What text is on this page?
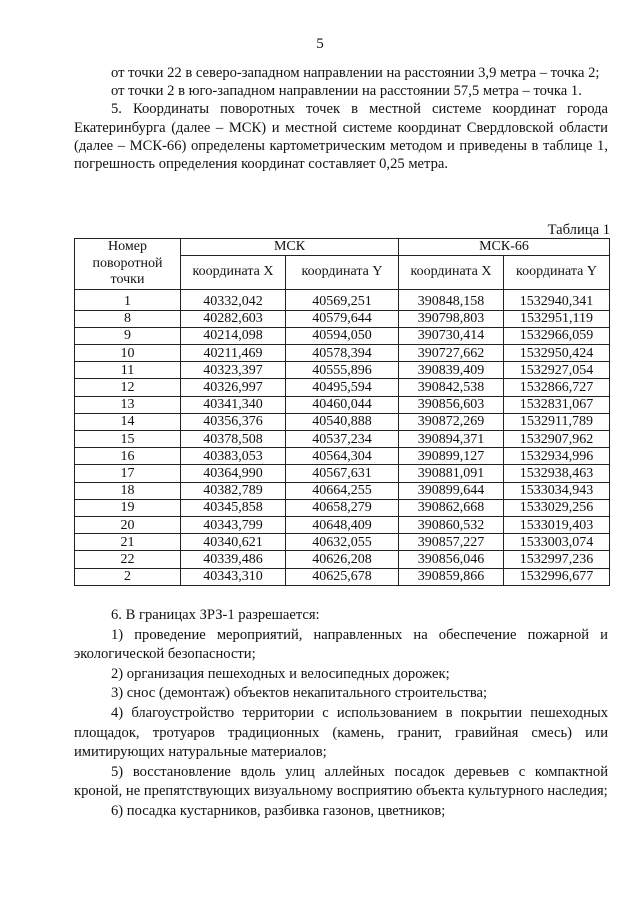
5

от точки 22 в северо-западном направлении на расстоянии 3,9 метра – точка 2;

от точки 2 в юго-западном направлении на расстоянии 57,5 метра – точка 1.

5. Координаты поворотных точек в местной системе координат города Екатеринбурга (далее – МСК) и местной системе координат Свердловской области (далее – МСК-66) определены картометрическим методом и приведены в таблице 1, погрешность определения координат составляет 0,25 метра.

Таблица 1
Номер поворотной точки	МСК		МСК-66	
	координата X	координата Y	координата X	координата Y
1	40332,042	40569,251	390848,158	1532940,341
8	40282,603	40579,644	390798,803	1532951,119
9	40214,098	40594,050	390730,414	1532966,059
10	40211,469	40578,394	390727,662	1532950,424
11	40323,397	40555,896	390839,409	1532927,054
12	40326,997	40495,594	390842,538	1532866,727
13	40341,340	40460,044	390856,603	1532831,067
14	40356,376	40540,888	390872,269	1532911,789
15	40378,508	40537,234	390894,371	1532907,962
16	40383,053	40564,304	390899,127	1532934,996
17	40364,990	40567,631	390881,091	1532938,463
18	40382,789	40664,255	390899,644	1533034,943
19	40345,858	40658,279	390862,668	1533029,256
20	40343,799	40648,409	390860,532	1533019,403
21	40340,621	40632,055	390857,227	1533003,074
22	40339,486	40626,208	390856,046	1532997,236
2	40343,310	40625,678	390859,866	1532996,677

6. В границах ЗРЗ-1 разрешается:

1) проведение мероприятий, направленных на обеспечение пожарной и экологической безопасности;

2) организация пешеходных и велосипедных дорожек;

3) снос (демонтаж) объектов некапитального строительства;

4) благоустройство территории с использованием в покрытии пешеходных площадок, тротуаров традиционных (камень, гранит, гравийная смесь) или имитирующих натуральные материалов;

5) восстановление вдоль улиц аллейных посадок деревьев с компактной кроной, не препятствующих визуальному восприятию объекта культурного наследия;

6) посадка кустарников, разбивка газонов, цветников;
